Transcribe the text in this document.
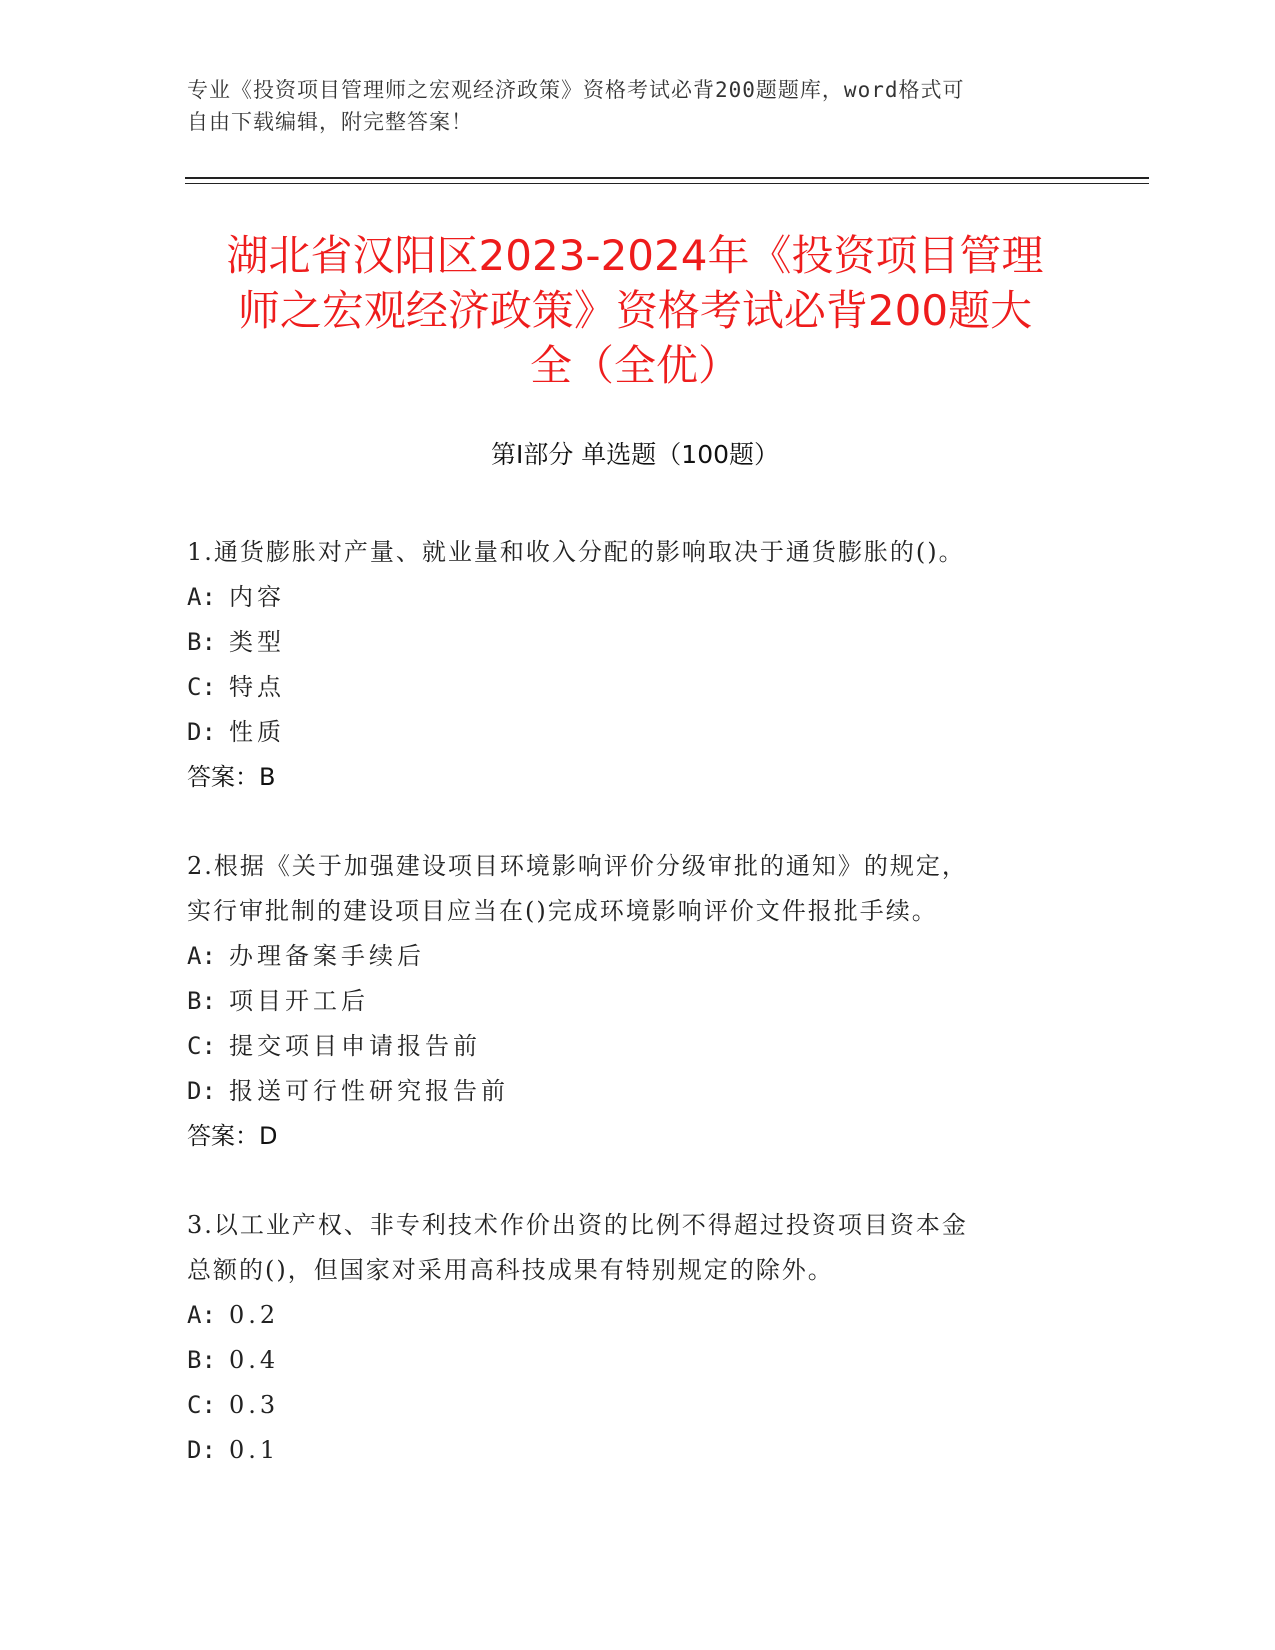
专业《投资项目管理师之宏观经济政策》资格考试必背200题题库，word格式可
自由下载编辑，附完整答案！
湖北省汉阳区2023-2024年《投资项目管理
师之宏观经济政策》资格考试必背200题大
全（全优）
第Ⅰ部分 单选题（100题）
1.通货膨胀对产量、就业量和收入分配的影响取决于通货膨胀的()。
A: 内容
B: 类型
C: 特点
D: 性质
答案：B
2.根据《关于加强建设项目环境影响评价分级审批的通知》的规定，
实行审批制的建设项目应当在()完成环境影响评价文件报批手续。
A: 办理备案手续后
B: 项目开工后
C: 提交项目申请报告前
D: 报送可行性研究报告前
答案：D
3.以工业产权、非专利技术作价出资的比例不得超过投资项目资本金
总额的()，但国家对采用高科技成果有特别规定的除外。
A: 0.2
B: 0.4
C: 0.3
D: 0.1
